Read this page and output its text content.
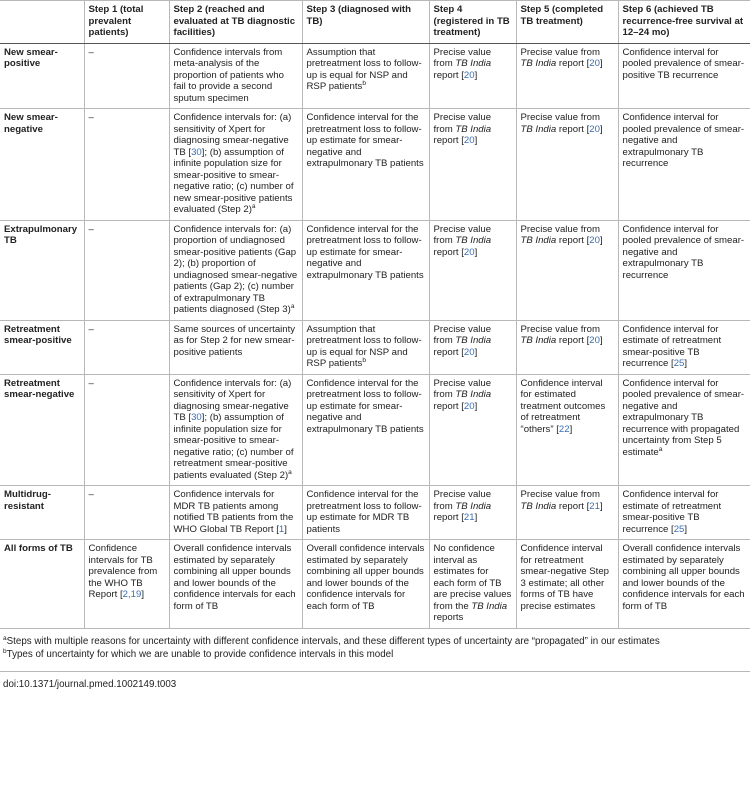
	Step 1 (total prevalent patients)	Step 2 (reached and evaluated at TB diagnostic facilities)	Step 3 (diagnosed with TB)	Step 4 (registered in TB treatment)	Step 5 (completed TB treatment)	Step 6 (achieved TB recurrence-free survival at 12–24 mo)
New smear-positive	–	Confidence intervals from meta-analysis of the proportion of patients who fail to provide a second sputum specimen	Assumption that pretreatment loss to follow-up is equal for NSP and RSP patients$^b$	Precise value from TB India report [20]	Precise value from TB India report [20]	Confidence interval for pooled prevalence of smear-positive TB recurrence
New smear-negative	–	Confidence intervals for: (a) sensitivity of Xpert for diagnosing smear-negative TB [30]; (b) assumption of infinite population size for smear-positive to smear-negative ratio; (c) number of new smear-positive patients evaluated (Step 2)$^a$	Confidence interval for the pretreatment loss to follow-up estimate for smear-negative and extrapulmonary TB patients	Precise value from TB India report [20]	Precise value from TB India report [20]	Confidence interval for pooled prevalence of smear-negative and extrapulmonary TB recurrence
Extrapulmonary TB	–	Confidence intervals for: (a) proportion of undiagnosed smear-positive patients (Gap 2); (b) proportion of undiagnosed smear-negative patients (Gap 2); (c) number of extrapulmonary TB patients diagnosed (Step 3)$^a$	Confidence interval for the pretreatment loss to follow-up estimate for smear-negative and extrapulmonary TB patients	Precise value from TB India report [20]	Precise value from TB India report [20]	Confidence interval for pooled prevalence of smear-negative and extrapulmonary TB recurrence
Retreatment smear-positive	–	Same sources of uncertainty as for Step 2 for new smear-positive patients	Assumption that pretreatment loss to follow-up is equal for NSP and RSP patients$^b$	Precise value from TB India report [20]	Precise value from TB India report [20]	Confidence interval for estimate of retreatment smear-positive TB recurrence [25]
Retreatment smear-negative	–	Confidence intervals for: (a) sensitivity of Xpert for diagnosing smear-negative TB [30]; (b) assumption of infinite population size for smear-positive to smear-negative ratio; (c) number of retreatment smear-positive patients evaluated (Step 2)$^a$	Confidence interval for the pretreatment loss to follow-up estimate for smear-negative and extrapulmonary TB patients	Precise value from TB India report [20]	Confidence interval for estimated treatment outcomes of retreatment “others” [22]	Confidence interval for pooled prevalence of smear-negative and extrapulmonary TB recurrence with propagated uncertainty from Step 5 estimate$^a$
Multidrug-resistant	–	Confidence intervals for MDR TB patients among notified TB patients from the WHO Global TB Report [1]	Confidence interval for the pretreatment loss to follow-up estimate for MDR TB patients	Precise value from TB India report [21]	Precise value from TB India report [21]	Confidence interval for estimate of retreatment smear-positive TB recurrence [25]
All forms of TB	Confidence intervals for TB prevalence from the WHO TB Report [2,19]	Overall confidence intervals estimated by separately combining all upper bounds and lower bounds of the confidence intervals for each form of TB	Overall confidence intervals estimated by separately combining all upper bounds and lower bounds of the confidence intervals for each form of TB	No confidence interval as estimates for each form of TB are precise values from the TB India reports	Confidence interval for retreatment smear-negative Step 3 estimate; all other forms of TB have precise estimates	Overall confidence intervals estimated by separately combining all upper bounds and lower bounds of the confidence intervals for each form of TB
$^a$Steps with multiple reasons for uncertainty with different confidence intervals, and these different types of uncertainty are “propagated” in our estimates
$^b$Types of uncertainty for which we are unable to provide confidence intervals in this model
doi:10.1371/journal.pmed.1002149.t003
